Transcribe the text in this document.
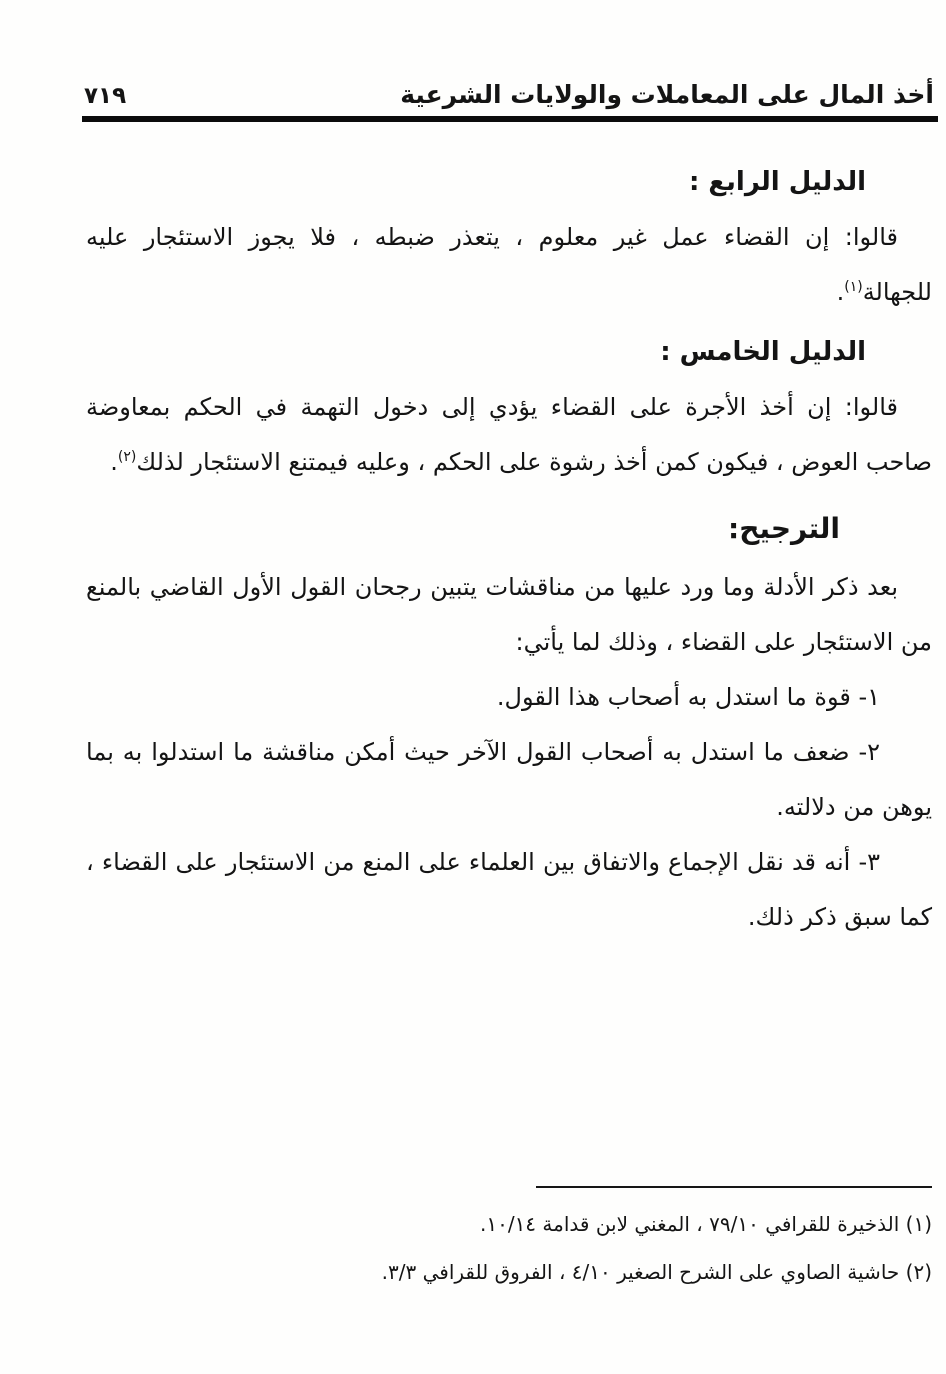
أخذ المال على المعاملات والولايات الشرعية
٧١٩
الدليل الرابع :

قالوا: إن القضاء عمل غير معلوم ، يتعذر ضبطه ، فلا يجوز الاستئجار عليه للجهالة$^{(١)}$.

الدليل الخامس :

قالوا: إن أخذ الأجرة على القضاء يؤدي إلى دخول التهمة في الحكم بمعاوضة صاحب العوض ، فيكون كمن أخذ رشوة على الحكم ، وعليه فيمتنع الاستئجار لذلك$^{(٢)}$.

الترجيح:

بعد ذكر الأدلة وما ورد عليها من مناقشات يتبين رجحان القول الأول القاضي بالمنع من الاستئجار على القضاء ، وذلك لما يأتي:

١- قوة ما استدل به أصحاب هذا القول.

٢- ضعف ما استدل به أصحاب القول الآخر حيث أمكن مناقشة ما استدلوا به بما يوهن من دلالته.

٣- أنه قد نقل الإجماع والاتفاق بين العلماء على المنع من الاستئجار على القضاء ، كما سبق ذكر ذلك.

(١) الذخيرة للقرافي ٧٩/١٠ ، المغني لابن قدامة ١٠/١٤.

(٢) حاشية الصاوي على الشرح الصغير ٤/١٠ ، الفروق للقرافي ٣/٣.
